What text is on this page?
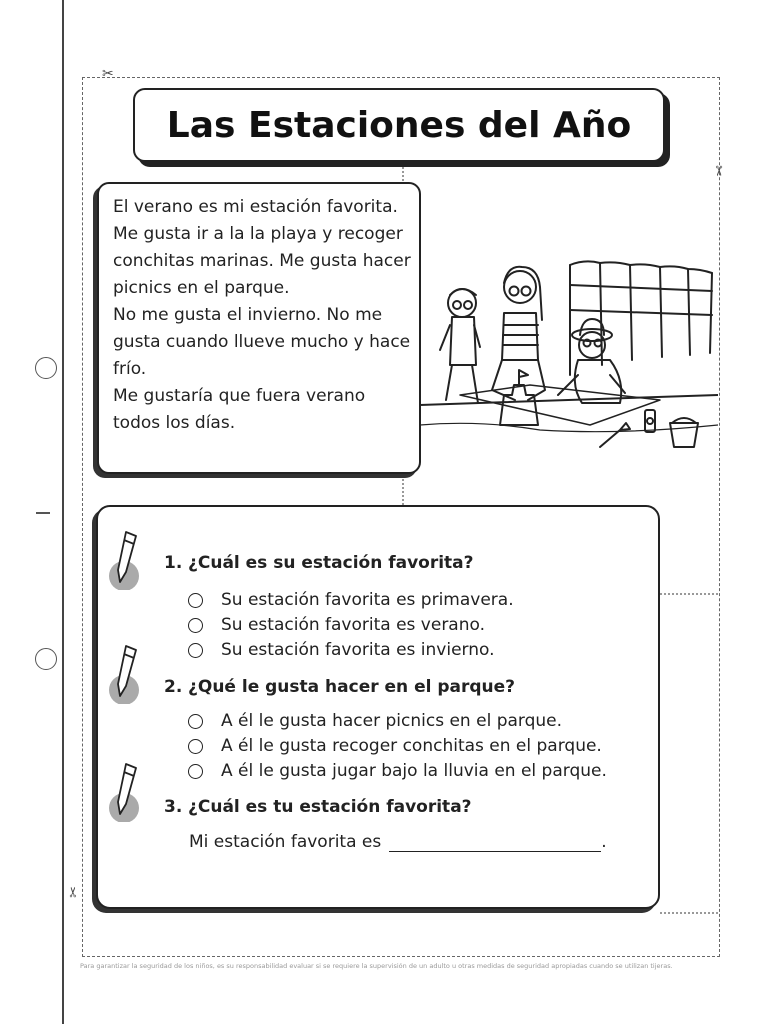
✂
✂
✂
Las Estaciones del Año

El verano es mi estación favorita. Me gusta ir a la la playa y recoger conchitas marinas. Me gusta hacer picnics en el parque.

No me gusta el invierno. No me gusta cuando llueve mucho y hace frío.

Me gustaría que fuera verano todos los días.

1. ¿Cuál es su estación favorita?
Su estación favorita es primavera.
Su estación favorita es verano.
Su estación favorita es invierno.
2. ¿Qué le gusta hacer en el parque?
A él le gusta hacer picnics en el parque.
A él le gusta recoger conchitas en el parque.
A él le gusta jugar bajo la lluvia en el parque.
3. ¿Cuál es tu estación favorita?
Mi estación favorita es	.
Para garantizar la seguridad de los niños, es su responsabilidad evaluar si se requiere la supervisión de un adulto u otras medidas de seguridad apropiadas cuando se utilizan tijeras.
